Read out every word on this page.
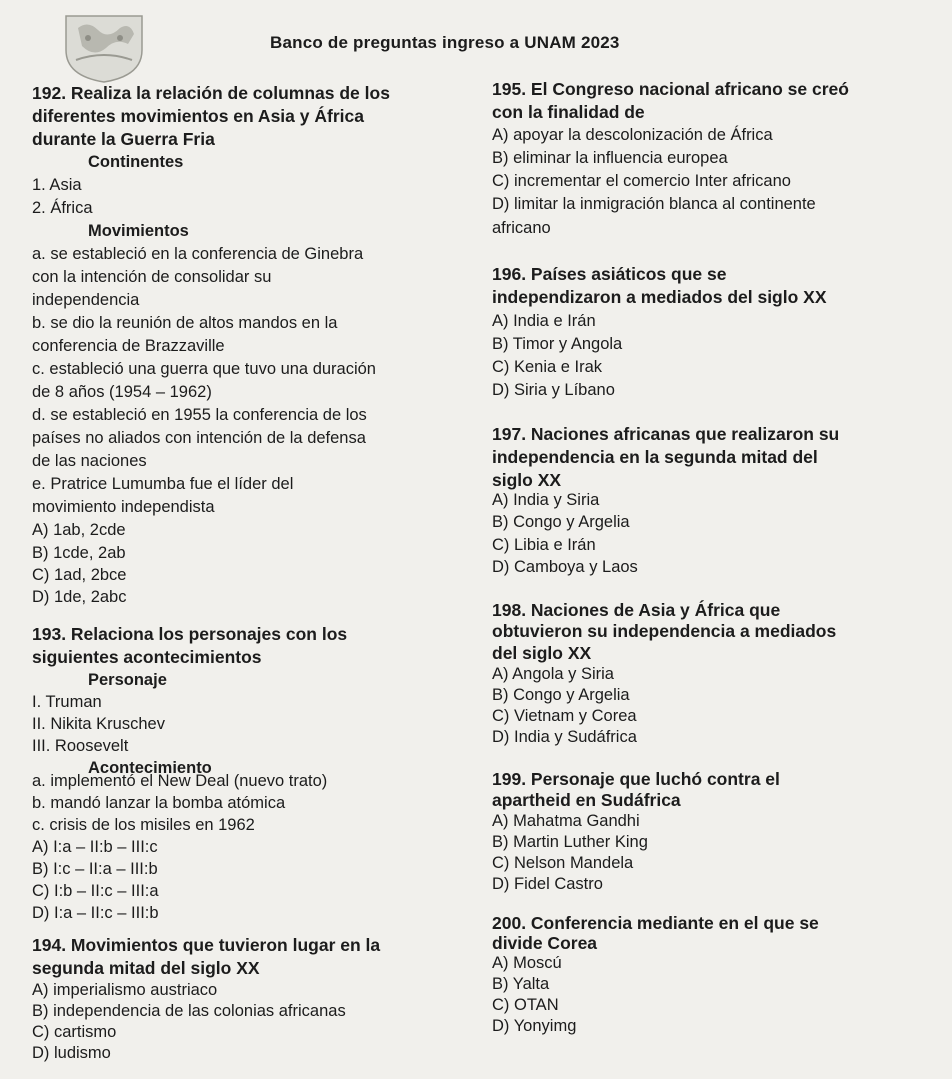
Banco de preguntas ingreso a UNAM 2023
192. Realiza la relación de columnas de los
diferentes movimientos en Asia y África
durante la Guerra Fria
Continentes
1. Asia
2. África
Movimientos
a. se estableció en la conferencia de Ginebra
con la intención de consolidar su
independencia
b. se dio la reunión de altos mandos en la
conferencia de Brazzaville
c. estableció una guerra que tuvo una duración
de 8 años (1954 – 1962)
d. se estableció en 1955 la conferencia de los
países no aliados con intención de la defensa
de las naciones
e. Pratrice Lumumba fue el líder del
movimiento independista
A) 1ab, 2cde
B) 1cde, 2ab
C) 1ad, 2bce
D) 1de, 2abc
193. Relaciona los personajes con los
siguientes acontecimientos
Personaje
I. Truman
II. Nikita Kruschev
III. Roosevelt
Acontecimiento
a. implementó el New Deal (nuevo trato)
b. mandó lanzar la bomba atómica
c. crisis de los misiles en 1962
A) I:a – II:b – III:c
B) I:c – II:a – III:b
C) I:b – II:c – III:a
D) I:a – II:c – III:b
194. Movimientos que tuvieron lugar en la
segunda mitad del siglo XX
A) imperialismo austriaco
B) independencia de las colonias africanas
C) cartismo
D) ludismo
195. El Congreso nacional africano se creó
con la finalidad de
A) apoyar la descolonización de África
B) eliminar la influencia europea
C) incrementar el comercio Inter africano
D) limitar la inmigración blanca al continente
africano
196. Países asiáticos que se
independizaron a mediados del siglo XX
A) India e Irán
B) Timor y Angola
C) Kenia e Irak
D) Siria y Líbano
197. Naciones africanas que realizaron su
independencia en la segunda mitad del
siglo XX
A) India y Siria
B) Congo y Argelia
C) Libia e Irán
D) Camboya y Laos
198. Naciones de Asia y África que
obtuvieron su independencia a mediados
del siglo XX
A) Angola y Siria
B) Congo y Argelia
C) Vietnam y Corea
D) India y Sudáfrica
199. Personaje que luchó contra el
apartheid en Sudáfrica
A) Mahatma Gandhi
B) Martin Luther King
C) Nelson Mandela
D) Fidel Castro
200. Conferencia mediante en el que se
divide Corea
A) Moscú
B) Yalta
C) OTAN
D) Yonyimg
